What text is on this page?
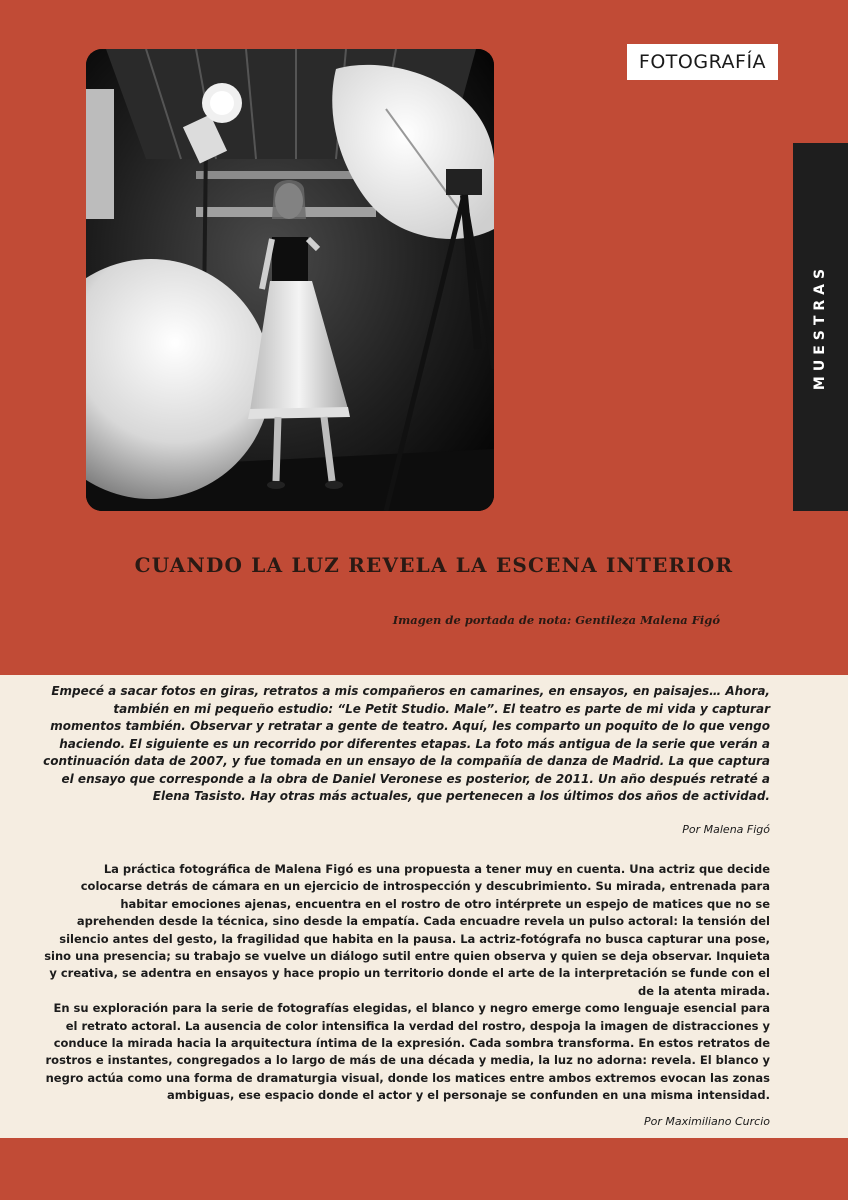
FOTOGRAFÍA
MUESTRAS
CUANDO LA LUZ REVELA LA ESCENA INTERIOR
Imagen de portada de nota: Gentileza Malena Figó

Empecé a sacar fotos en giras, retratos a mis compañeros en camarines, en ensayos, en paisajes… Ahora, también en mi pequeño estudio: “Le Petit Studio. Male”. El teatro es parte de mi vida y capturar momentos también. Observar y retratar a gente de teatro. Aquí, les comparto un poquito de lo que vengo haciendo. El siguiente es un recorrido por diferentes etapas. La foto más antigua de la serie que verán a continuación data de 2007, y fue tomada en un ensayo de la compañía de danza de Madrid. La que captura el ensayo que corresponde a la obra de Daniel Veronese es posterior, de 2011. Un año después retraté a Elena Tasisto. Hay otras más actuales, que pertenecen a los últimos dos años de actividad.

Por Malena Figó

La práctica fotográfica de Malena Figó es una propuesta a tener muy en cuenta. Una actriz que decide colocarse detrás de cámara en un ejercicio de introspección y descubrimiento. Su mirada, entrenada para habitar emociones ajenas, encuentra en el rostro de otro intérprete un espejo de matices que no se aprehenden desde la técnica, sino desde la empatía. Cada encuadre revela un pulso actoral: la tensión del silencio antes del gesto, la fragilidad que habita en la pausa. La actriz-fotógrafa no busca capturar una pose, sino una presencia; su trabajo se vuelve un diálogo sutil entre quien observa y quien se deja observar. Inquieta y creativa, se adentra en ensayos y hace propio un territorio donde el arte de la interpretación se funde con el de la atenta mirada.

En su exploración para la serie de fotografías elegidas, el blanco y negro emerge como lenguaje esencial para el retrato actoral. La ausencia de color intensifica la verdad del rostro, despoja la imagen de distracciones y conduce la mirada hacia la arquitectura íntima de la expresión. Cada sombra transforma. En estos retratos de rostros e instantes, congregados a lo largo de más de una década y media, la luz no adorna: revela. El blanco y negro actúa como una forma de dramaturgia visual, donde los matices entre ambos extremos evocan las zonas ambiguas, ese espacio donde el actor y el personaje se confunden en una misma intensidad.

Por Maximiliano Curcio
